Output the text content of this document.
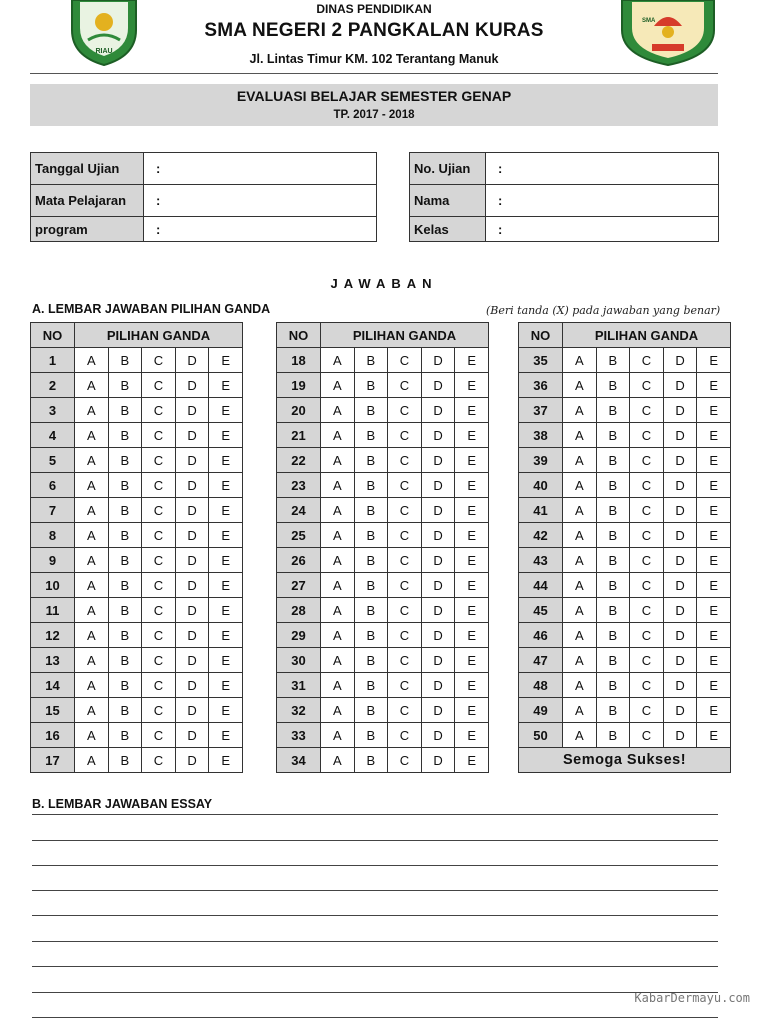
RIAU
SMA
DINAS PENDIDIKAN
SMA NEGERI 2 PANGKALAN KURAS
Jl. Lintas Timur KM. 102 Terantang Manuk
EVALUASI BELAJAR SEMESTER GENAP
TP. 2017 - 2018
Tanggal Ujian	:
Mata Pelajaran	:
program	:
No. Ujian	:
Nama	:
Kelas	:
JAWABAN
A. LEMBAR JAWABAN PILIHAN GANDA	(Beri tanda (X) pada jawaban yang benar)
NO	PILIHAN GANDA				
1	A	B	C	D	E
2	A	B	C	D	E
3	A	B	C	D	E
4	A	B	C	D	E
5	A	B	C	D	E
6	A	B	C	D	E
7	A	B	C	D	E
8	A	B	C	D	E
9	A	B	C	D	E
10	A	B	C	D	E
11	A	B	C	D	E
12	A	B	C	D	E
13	A	B	C	D	E
14	A	B	C	D	E
15	A	B	C	D	E
16	A	B	C	D	E
17	A	B	C	D	E
NO	PILIHAN GANDA				
18	A	B	C	D	E
19	A	B	C	D	E
20	A	B	C	D	E
21	A	B	C	D	E
22	A	B	C	D	E
23	A	B	C	D	E
24	A	B	C	D	E
25	A	B	C	D	E
26	A	B	C	D	E
27	A	B	C	D	E
28	A	B	C	D	E
29	A	B	C	D	E
30	A	B	C	D	E
31	A	B	C	D	E
32	A	B	C	D	E
33	A	B	C	D	E
34	A	B	C	D	E
NO	PILIHAN GANDA				
35	A	B	C	D	E
36	A	B	C	D	E
37	A	B	C	D	E
38	A	B	C	D	E
39	A	B	C	D	E
40	A	B	C	D	E
41	A	B	C	D	E
42	A	B	C	D	E
43	A	B	C	D	E
44	A	B	C	D	E
45	A	B	C	D	E
46	A	B	C	D	E
47	A	B	C	D	E
48	A	B	C	D	E
49	A	B	C	D	E
50	A	B	C	D	E
Semoga Sukses!					
B. LEMBAR JAWABAN ESSAY
KabarDermayu.com
